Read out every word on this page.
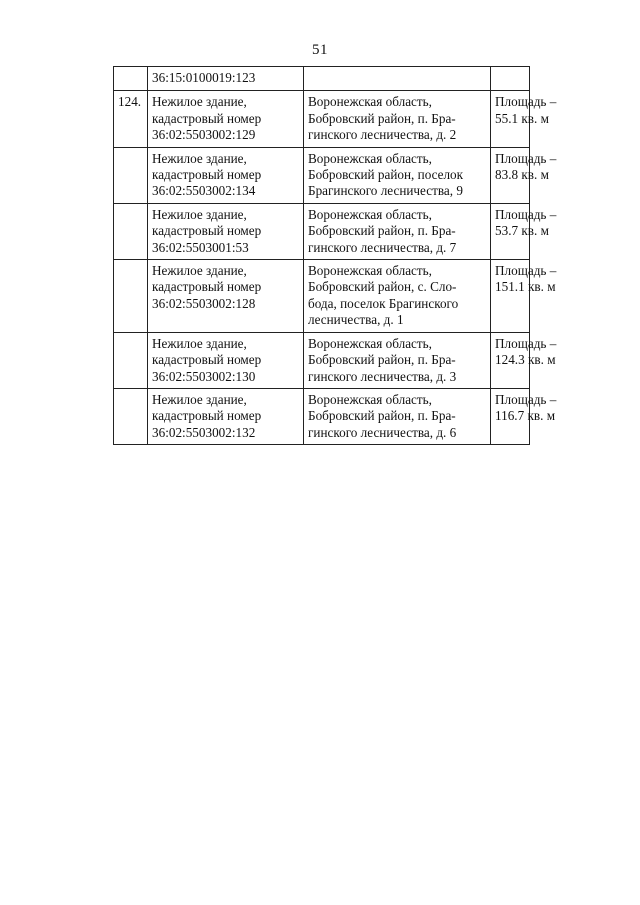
51

	36:15:0100019:123		

124.	Нежилое здание,
кадастровый номер
36:02:5503002:129	Воронежская область,
Бобровский район, п. Бра-
гинского лесничества, д. 2	Площадь –
55.1 кв. м

	Нежилое здание,
кадастровый номер
36:02:5503002:134	Воронежская область,
Бобровский район, поселок
Брагинского лесничества, 9	Площадь –
83.8 кв. м

	Нежилое здание,
кадастровый номер
36:02:5503001:53	Воронежская область,
Бобровский район, п. Бра-
гинского лесничества, д. 7	Площадь –
53.7 кв. м

	Нежилое здание,
кадастровый номер
36:02:5503002:128	Воронежская область,
Бобровский район, с. Сло-
бода, поселок Брагинского
лесничества, д. 1	Площадь –
151.1 кв. м

	Нежилое здание,
кадастровый номер
36:02:5503002:130	Воронежская область,
Бобровский район, п. Бра-
гинского лесничества, д. 3	Площадь –
124.3 кв. м

	Нежилое здание,
кадастровый номер
36:02:5503002:132	Воронежская область,
Бобровский район, п. Бра-
гинского лесничества, д. 6	Площадь –
116.7 кв. м
